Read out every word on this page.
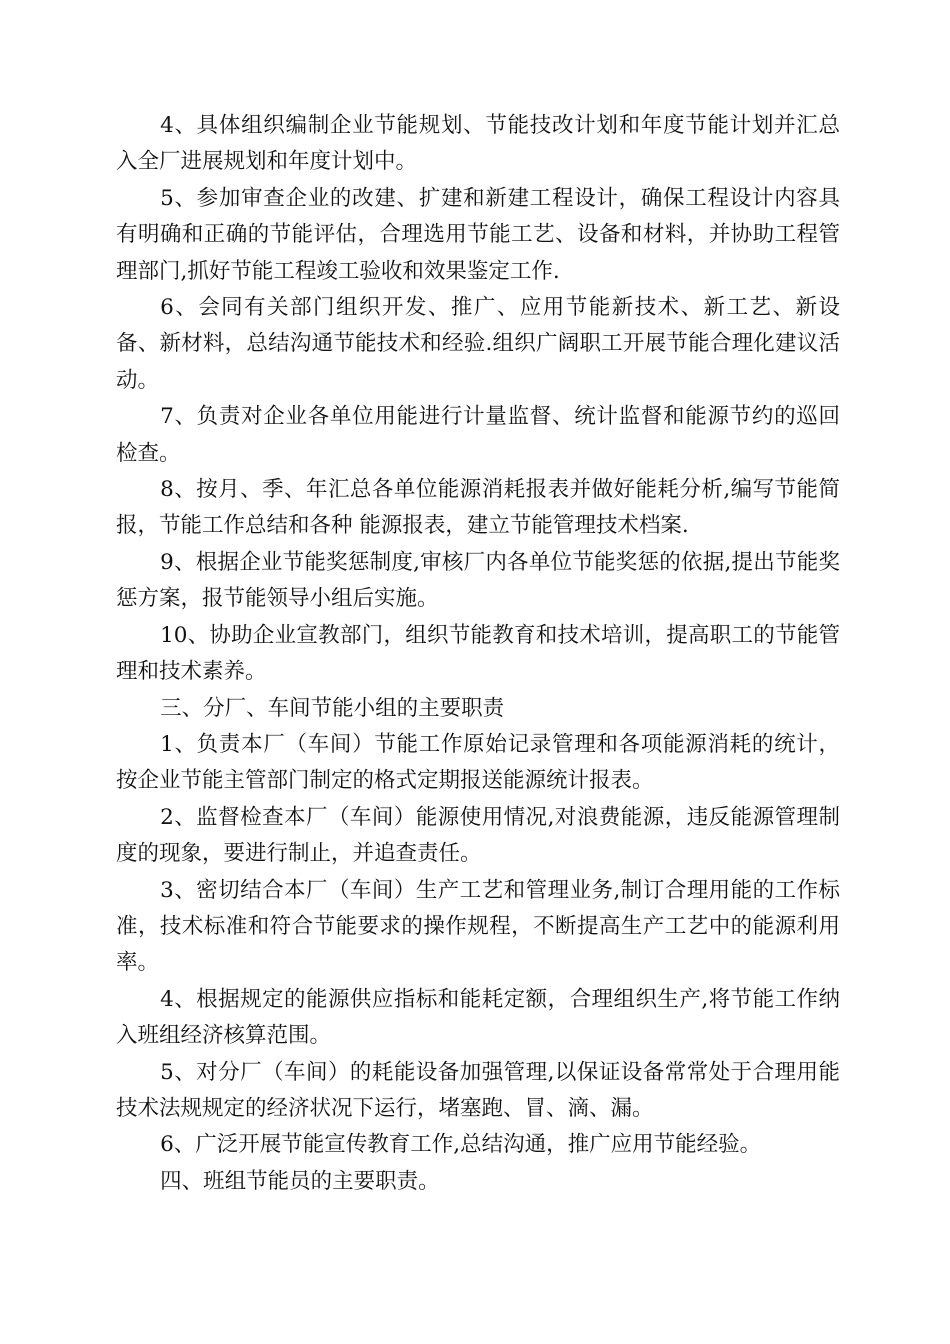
4、具体组织编制企业节能规划、节能技改计划和年度节能计划并汇总入全厂进展规划和年度计划中。

5、参加审查企业的改建、扩建和新建工程设计，确保工程设计内容具有明确和正确的节能评估，合理选用节能工艺、设备和材料，并协助工程管理部门,抓好节能工程竣工验收和效果鉴定工作.

6、会同有关部门组织开发、推广、应用节能新技术、新工艺、新设备、新材料，总结沟通节能技术和经验.组织广阔职工开展节能合理化建议活动。

7、负责对企业各单位用能进行计量监督、统计监督和能源节约的巡回检查。

8、按月、季、年汇总各单位能源消耗报表并做好能耗分析,编写节能简报，节能工作总结和各种 能源报表，建立节能管理技术档案.

9、根据企业节能奖惩制度,审核厂内各单位节能奖惩的依据,提出节能奖惩方案，报节能领导小组后实施。

10、协助企业宣教部门，组织节能教育和技术培训，提高职工的节能管理和技术素养。

三、分厂、车间节能小组的主要职责

1、负责本厂（车间）节能工作原始记录管理和各项能源消耗的统计，按企业节能主管部门制定的格式定期报送能源统计报表。

2、监督检查本厂（车间）能源使用情况,对浪费能源，违反能源管理制度的现象，要进行制止，并追查责任。

3、密切结合本厂（车间）生产工艺和管理业务,制订合理用能的工作标准，技术标准和符合节能要求的操作规程，不断提高生产工艺中的能源利用率。

4、根据规定的能源供应指标和能耗定额，合理组织生产,将节能工作纳入班组经济核算范围。

5、对分厂（车间）的耗能设备加强管理,以保证设备常常处于合理用能技术法规规定的经济状况下运行，堵塞跑、冒、滴、漏。

6、广泛开展节能宣传教育工作,总结沟通，推广应用节能经验。

四、班组节能员的主要职责。
